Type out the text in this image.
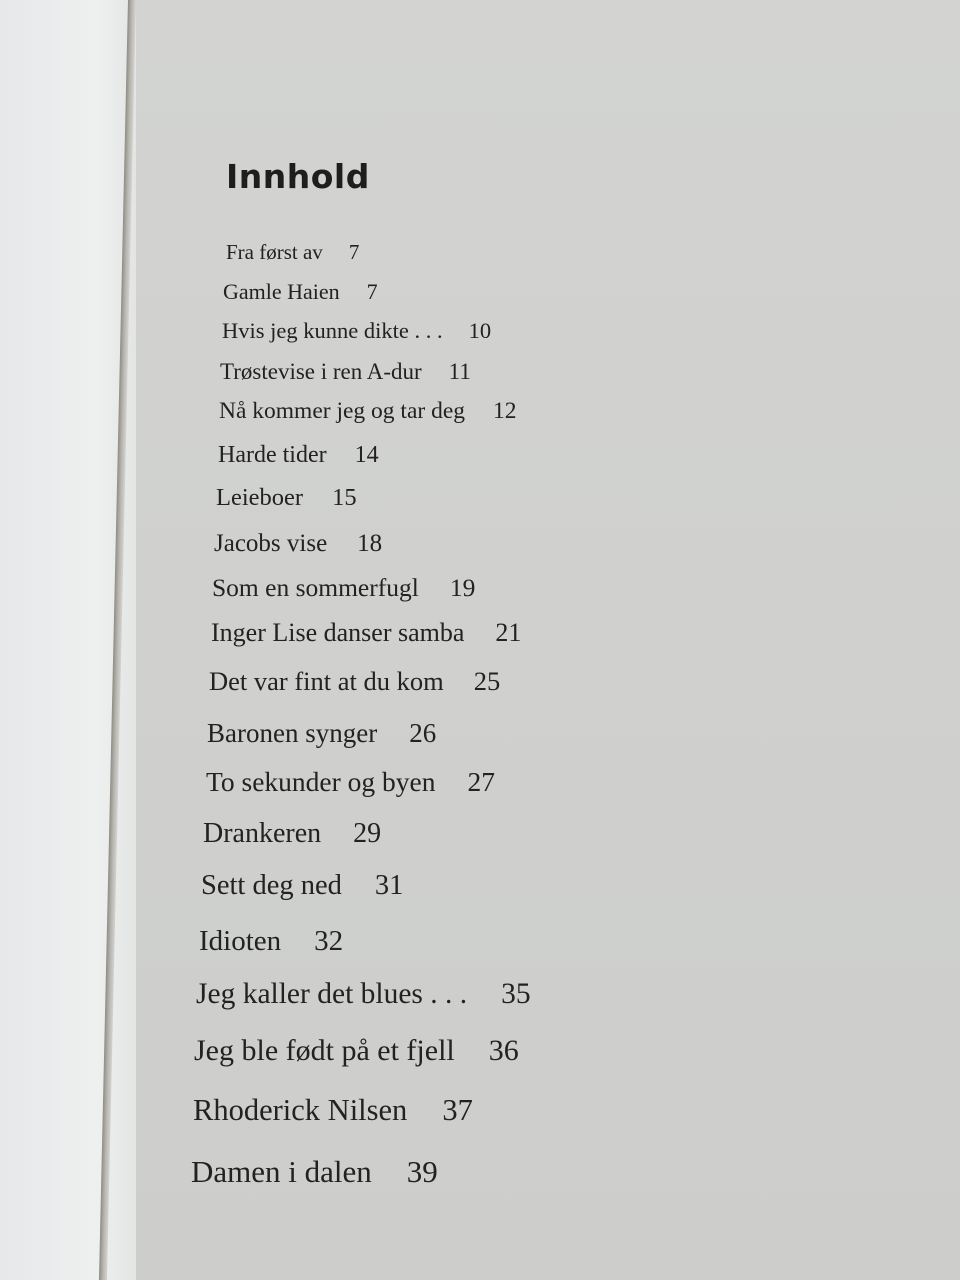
Innhold
Fra først av 7
Gamle Haien 7
Hvis jeg kunne dikte . . . 10
Trøstevise i ren A-dur 11
Nå kommer jeg og tar deg 12
Harde tider 14
Leieboer 15
Jacobs vise 18
Som en sommerfugl 19
Inger Lise danser samba 21
Det var fint at du kom 25
Baronen synger 26
To sekunder og byen 27
Drankeren 29
Sett deg ned 31
Idioten 32
Jeg kaller det blues . . . 35
Jeg ble født på et fjell 36
Rhoderick Nilsen 37
Damen i dalen 39
